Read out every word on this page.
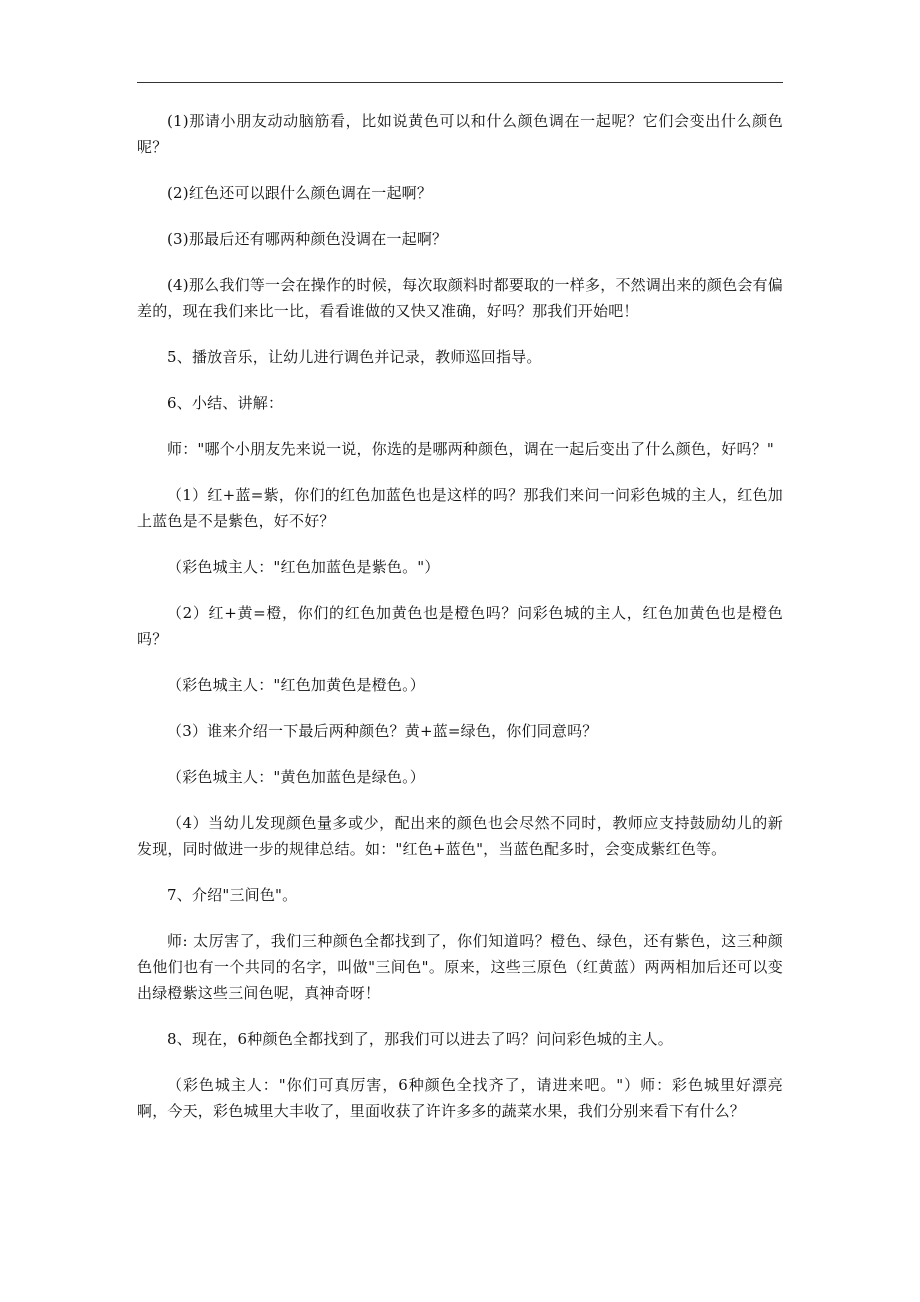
(1)那请小朋友动动脑筋看，比如说黄色可以和什么颜色调在一起呢？它们会变出什么颜色呢？

(2)红色还可以跟什么颜色调在一起啊？

(3)那最后还有哪两种颜色没调在一起啊？

(4)那么我们等一会在操作的时候，每次取颜料时都要取的一样多，不然调出来的颜色会有偏差的，现在我们来比一比，看看谁做的又快又准确，好吗？那我们开始吧！

5、播放音乐，让幼儿进行调色并记录，教师巡回指导。

6、小结、讲解：

师："哪个小朋友先来说一说，你选的是哪两种颜色，调在一起后变出了什么颜色，好吗？"

（1）红+蓝=紫，你们的红色加蓝色也是这样的吗？那我们来问一问彩色城的主人，红色加上蓝色是不是紫色，好不好？

（彩色城主人："红色加蓝色是紫色。"）

（2）红+黄=橙，你们的红色加黄色也是橙色吗？问彩色城的主人，红色加黄色也是橙色吗？

（彩色城主人："红色加黄色是橙色。）

（3）谁来介绍一下最后两种颜色？黄+蓝=绿色，你们同意吗？

（彩色城主人："黄色加蓝色是绿色。）

（4）当幼儿发现颜色量多或少，配出来的颜色也会尽然不同时，教师应支持鼓励幼儿的新发现，同时做进一步的规律总结。如："红色+蓝色"，当蓝色配多时，会变成紫红色等。

7、介绍"三间色"。

师: 太厉害了，我们三种颜色全都找到了，你们知道吗？橙色、绿色，还有紫色，这三种颜色他们也有一个共同的名字，叫做"三间色"。原来，这些三原色（红黄蓝）两两相加后还可以变出绿橙紫这些三间色呢，真神奇呀！

8、现在，6种颜色全都找到了，那我们可以进去了吗？问问彩色城的主人。

（彩色城主人："你们可真厉害，6种颜色全找齐了，请进来吧。"）师：彩色城里好漂亮啊，今天，彩色城里大丰收了，里面收获了许许多多的蔬菜水果，我们分别来看下有什么？
